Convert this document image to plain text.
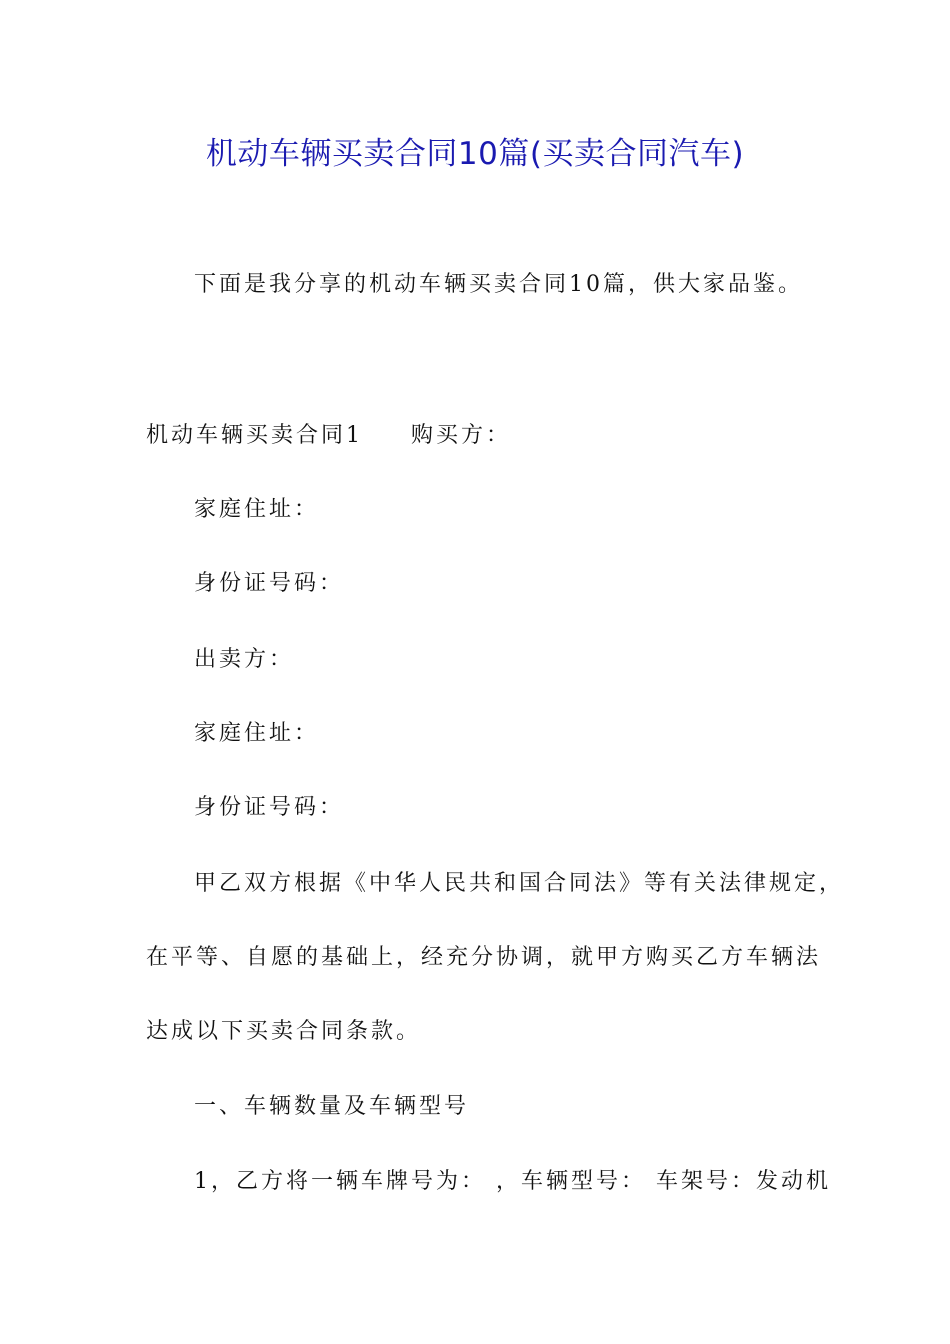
机动车辆买卖合同10篇(买卖合同汽车)
下面是我分享的机动车辆买卖合同10篇，供大家品鉴。
机动车辆买卖合同1 购买方：
家庭住址：
身份证号码：
出卖方：
家庭住址：
身份证号码：
甲乙双方根据《中华人民共和国合同法》等有关法律规定，
在平等、自愿的基础上，经充分协调，就甲方购买乙方车辆法
达成以下买卖合同条款。
一、车辆数量及车辆型号
1，乙方将一辆车牌号为： ，车辆型号： 车架号：发动机
